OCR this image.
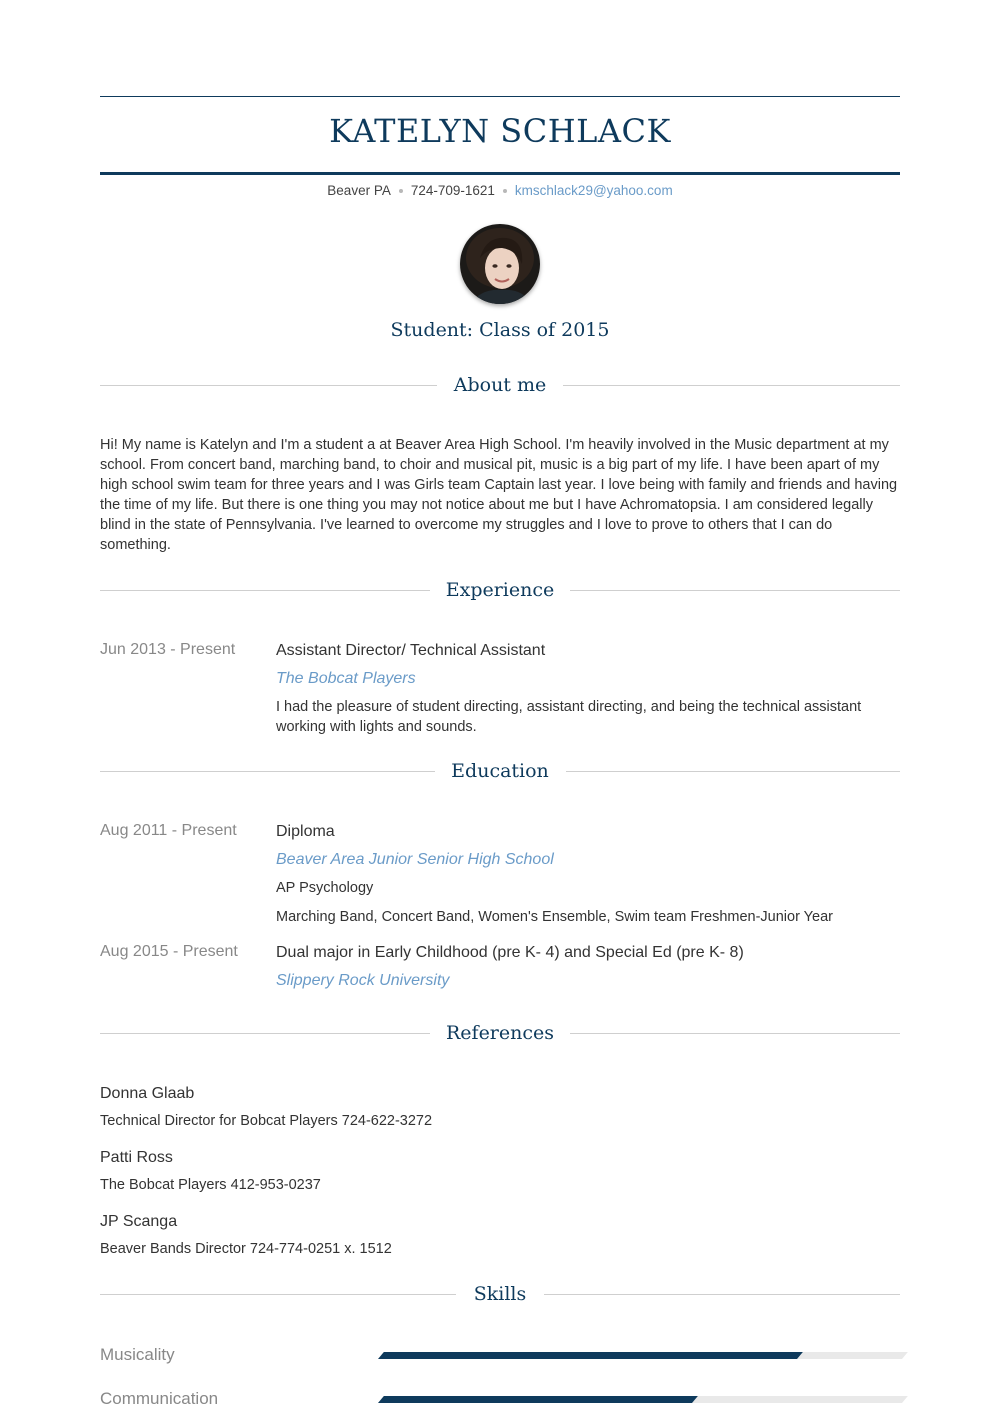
KATELYN SCHLACK
Beaver PA 724-709-1621 kmschlack29@yahoo.com
Student: Class of 2015
About me
Hi! My name is Katelyn and I'm a student a at Beaver Area High School. I'm heavily involved in the Music department at my school. From concert band, marching band, to choir and musical pit, music is a big part of my life. I have been apart of my high school swim team for three years and I was Girls team Captain last year. I love being with family and friends and having the time of my life. But there is one thing you may not notice about me but I have Achromatopsia. I am considered legally blind in the state of Pennsylvania. I've learned to overcome my struggles and I love to prove to others that I can do something.
Experience
Jun 2013 - Present	Assistant Director/ Technical Assistant
The Bobcat Players
I had the pleasure of student directing, assistant directing, and being the technical assistant working with lights and sounds.
Education
Aug 2011 - Present Diploma
Beaver Area Junior Senior High School
AP Psychology
Marching Band, Concert Band, Women's Ensemble, Swim team Freshmen-Junior Year
Aug 2015 - Present Dual major in Early Childhood (pre K- 4) and Special Ed (pre K- 8)
Slippery Rock University
References
Donna Glaab
Technical Director for Bobcat Players 724-622-3272
Patti Ross
The Bobcat Players 412-953-0237
JP Scanga
Beaver Bands Director 724-774-0251 x. 1512
Skills
Musicality
Communication
